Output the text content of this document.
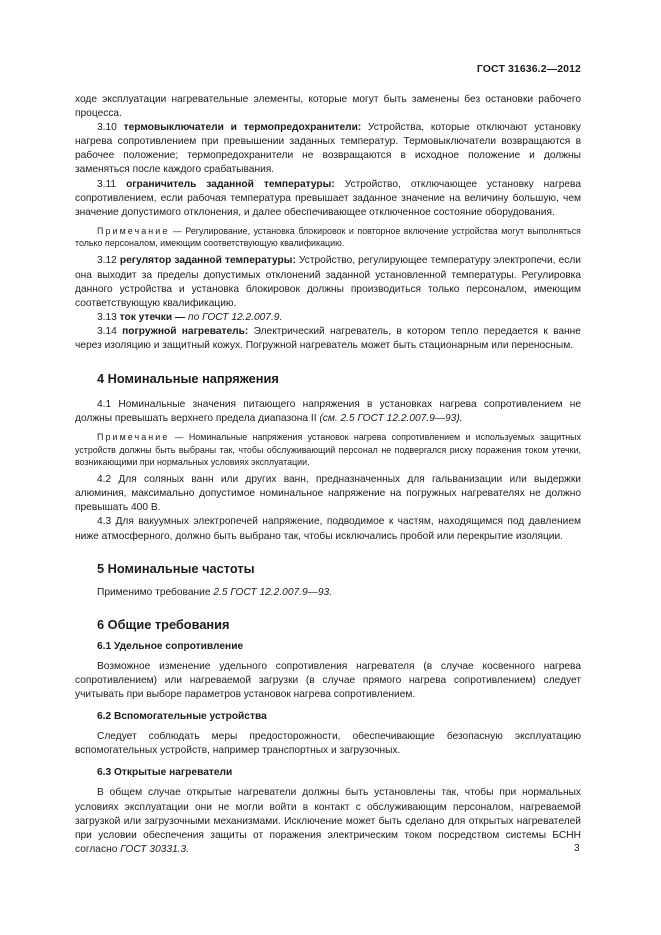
ГОСТ 31636.2—2012

ходе эксплуатации нагревательные элементы, которые могут быть заменены без остановки рабочего процесса.

3.10 термовыключатели и термопредохранители: Устройства, которые отключают установку нагрева сопротивлением при превышении заданных температур. Термовыключатели возвращаются в рабочее положение; термопредохранители не возвращаются в исходное положение и должны заменяться после каждого срабатывания.

3.11 ограничитель заданной температуры: Устройство, отключающее установку нагрева сопротивлением, если рабочая температура превышает заданное значение на величину большую, чем значение допустимого отклонения, и далее обеспечивающее отключенное состояние оборудования.

Примечание — Регулирование, установка блокировок и повторное включение устройства могут выполняться только персоналом, имеющим соответствующую квалификацию.

3.12 регулятор заданной температуры: Устройство, регулирующее температуру электропечи, если она выходит за пределы допустимых отклонений заданной установленной температуры. Регулировка данного устройства и установка блокировок должны производиться только персоналом, имеющим соответствующую квалификацию.

3.13 ток утечки — по ГОСТ 12.2.007.9.

3.14 погружной нагреватель: Электрический нагреватель, в котором тепло передается к ванне через изоляцию и защитный кожух. Погружной нагреватель может быть стационарным или переносным.

4 Номинальные напряжения

4.1 Номинальные значения питающего напряжения в установках нагрева сопротивлением не должны превышать верхнего предела диапазона II (см. 2.5 ГОСТ 12.2.007.9—93).

Примечание — Номинальные напряжения установок нагрева сопротивлением и используемых защитных устройств должны быть выбраны так, чтобы обслуживающий персонал не подвергался риску поражения током утечки, возникающими при нормальных условиях эксплуатации.

4.2 Для соляных ванн или других ванн, предназначенных для гальванизации или выдержки алюминия, максимально допустимое номинальное напряжение на погружных нагревателях не должно превышать 400 В.

4.3 Для вакуумных электропечей напряжение, подводимое к частям, находящимся под давлением ниже атмосферного, должно быть выбрано так, чтобы исключались пробой или перекрытие изоляции.

5 Номинальные частоты

Применимо требование 2.5 ГОСТ 12.2.007.9—93.

6 Общие требования
6.1 Удельное сопротивление

Возможное изменение удельного сопротивления нагревателя (в случае косвенного нагрева сопротивлением) или нагреваемой загрузки (в случае прямого нагрева сопротивлением) следует учитывать при выборе параметров установок нагрева сопротивлением.

6.2 Вспомогательные устройства

Следует соблюдать меры предосторожности, обеспечивающие безопасную эксплуатацию вспомогательных устройств, например транспортных и загрузочных.

6.3 Открытые нагреватели

В общем случае открытые нагреватели должны быть установлены так, чтобы при нормальных условиях эксплуатации они не могли войти в контакт с обслуживающим персоналом, нагреваемой загрузкой или загрузочными механизмами. Исключение может быть сделано для открытых нагревателей при условии обеспечения защиты от поражения электрическим током посредством системы БСНН согласно ГОСТ 30331.3.	3
